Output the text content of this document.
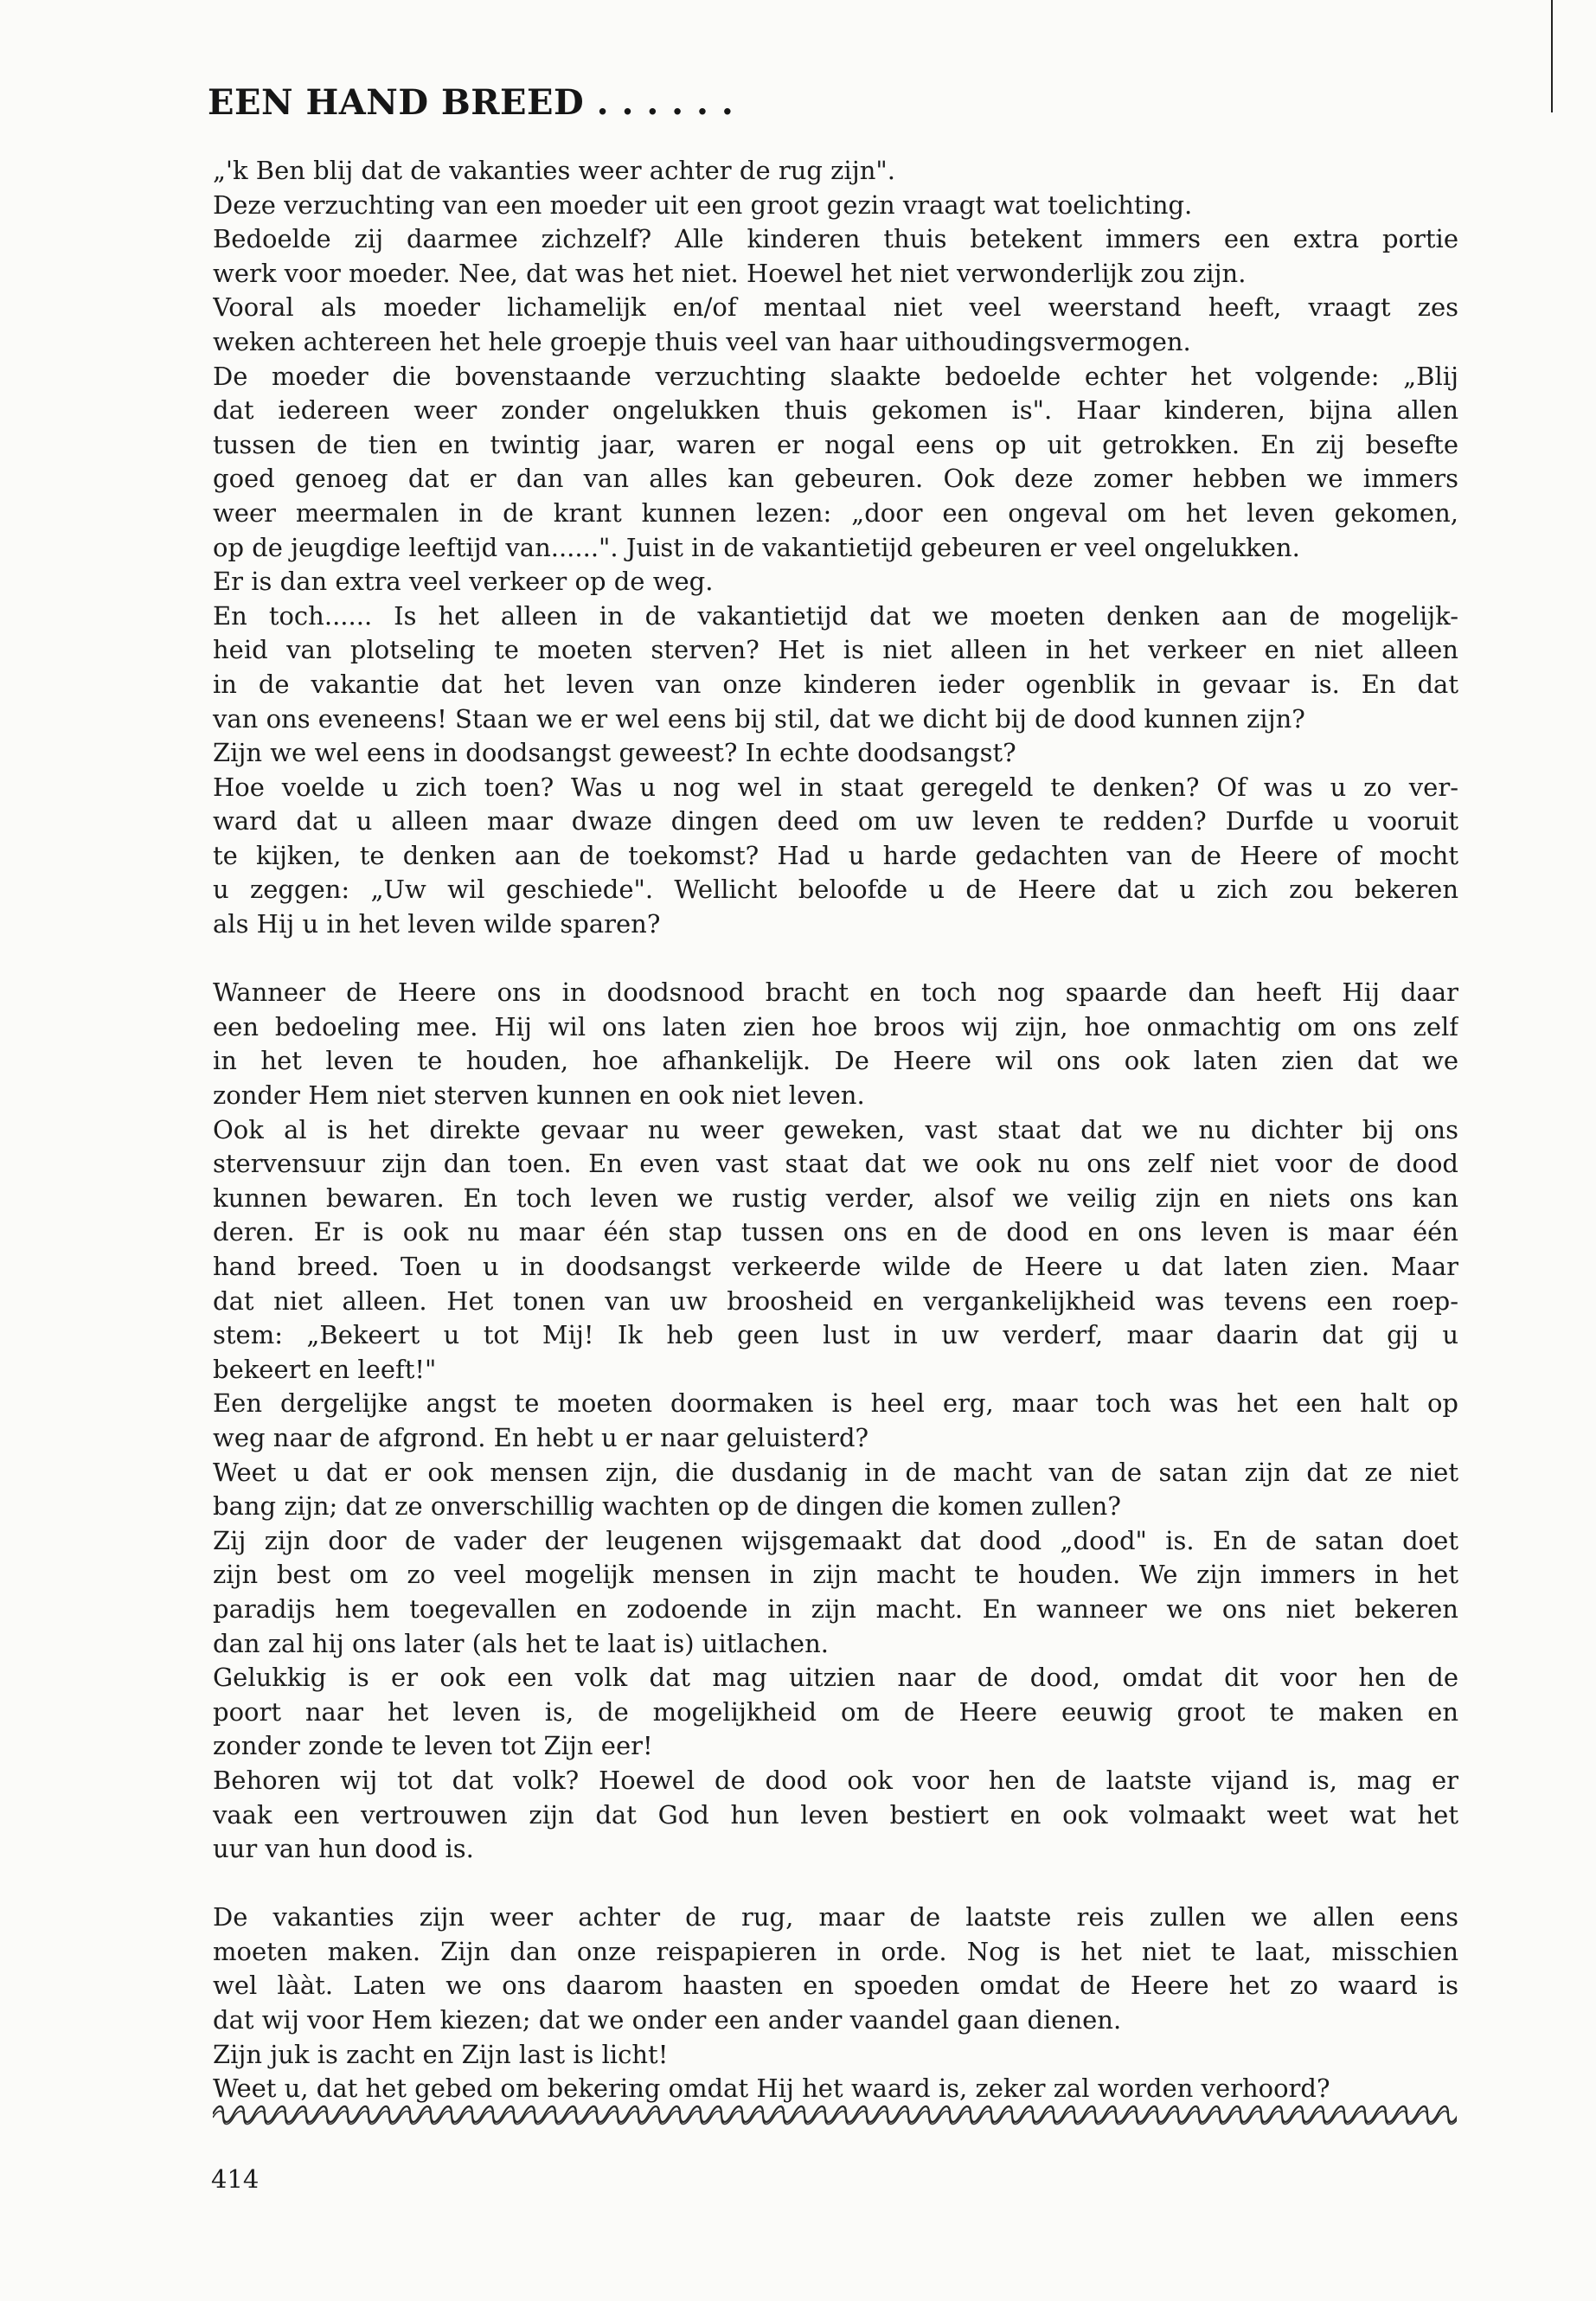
EEN HAND BREED . . . . . .
„'k Ben blij dat de vakanties weer achter de rug zijn".
Deze verzuchting van een moeder uit een groot gezin vraagt wat toelichting.
Bedoelde zij daarmee zichzelf? Alle kinderen thuis betekent immers een extra portie
werk voor moeder. Nee, dat was het niet. Hoewel het niet verwonderlijk zou zijn.
Vooral als moeder lichamelijk en/of mentaal niet veel weerstand heeft, vraagt zes
weken achtereen het hele groepje thuis veel van haar uithoudingsvermogen.
De moeder die bovenstaande verzuchting slaakte bedoelde echter het volgende: „Blij
dat iedereen weer zonder ongelukken thuis gekomen is". Haar kinderen, bijna allen
tussen de tien en twintig jaar, waren er nogal eens op uit getrokken. En zij besefte
goed genoeg dat er dan van alles kan gebeuren. Ook deze zomer hebben we immers
weer meermalen in de krant kunnen lezen: „door een ongeval om het leven gekomen,
op de jeugdige leeftijd van......". Juist in de vakantietijd gebeuren er veel ongelukken.
Er is dan extra veel verkeer op de weg.
En toch...... Is het alleen in de vakantietijd dat we moeten denken aan de mogelijk-
heid van plotseling te moeten sterven? Het is niet alleen in het verkeer en niet alleen
in de vakantie dat het leven van onze kinderen ieder ogenblik in gevaar is. En dat
van ons eveneens! Staan we er wel eens bij stil, dat we dicht bij de dood kunnen zijn?
Zijn we wel eens in doodsangst geweest? In echte doodsangst?
Hoe voelde u zich toen? Was u nog wel in staat geregeld te denken? Of was u zo ver-
ward dat u alleen maar dwaze dingen deed om uw leven te redden? Durfde u vooruit
te kijken, te denken aan de toekomst? Had u harde gedachten van de Heere of mocht
u zeggen: „Uw wil geschiede". Wellicht beloofde u de Heere dat u zich zou bekeren
als Hij u in het leven wilde sparen?
Wanneer de Heere ons in doodsnood bracht en toch nog spaarde dan heeft Hij daar
een bedoeling mee. Hij wil ons laten zien hoe broos wij zijn, hoe onmachtig om ons zelf
in het leven te houden, hoe afhankelijk. De Heere wil ons ook laten zien dat we
zonder Hem niet sterven kunnen en ook niet leven.
Ook al is het direkte gevaar nu weer geweken, vast staat dat we nu dichter bij ons
stervensuur zijn dan toen. En even vast staat dat we ook nu ons zelf niet voor de dood
kunnen bewaren. En toch leven we rustig verder, alsof we veilig zijn en niets ons kan
deren. Er is ook nu maar één stap tussen ons en de dood en ons leven is maar één
hand breed. Toen u in doodsangst verkeerde wilde de Heere u dat laten zien. Maar
dat niet alleen. Het tonen van uw broosheid en vergankelijkheid was tevens een roep-
stem: „Bekeert u tot Mij! Ik heb geen lust in uw verderf, maar daarin dat gij u
bekeert en leeft!"
Een dergelijke angst te moeten doormaken is heel erg, maar toch was het een halt op
weg naar de afgrond. En hebt u er naar geluisterd?
Weet u dat er ook mensen zijn, die dusdanig in de macht van de satan zijn dat ze niet
bang zijn; dat ze onverschillig wachten op de dingen die komen zullen?
Zij zijn door de vader der leugenen wijsgemaakt dat dood „dood" is. En de satan doet
zijn best om zo veel mogelijk mensen in zijn macht te houden. We zijn immers in het
paradijs hem toegevallen en zodoende in zijn macht. En wanneer we ons niet bekeren
dan zal hij ons later (als het te laat is) uitlachen.
Gelukkig is er ook een volk dat mag uitzien naar de dood, omdat dit voor hen de
poort naar het leven is, de mogelijkheid om de Heere eeuwig groot te maken en
zonder zonde te leven tot Zijn eer!
Behoren wij tot dat volk? Hoewel de dood ook voor hen de laatste vijand is, mag er
vaak een vertrouwen zijn dat God hun leven bestiert en ook volmaakt weet wat het
uur van hun dood is.
De vakanties zijn weer achter de rug, maar de laatste reis zullen we allen eens
moeten maken. Zijn dan onze reispapieren in orde. Nog is het niet te laat, misschien
wel lààt. Laten we ons daarom haasten en spoeden omdat de Heere het zo waard is
dat wij voor Hem kiezen; dat we onder een ander vaandel gaan dienen.
Zijn juk is zacht en Zijn last is licht!
Weet u, dat het gebed om bekering omdat Hij het waard is, zeker zal worden verhoord?
414
